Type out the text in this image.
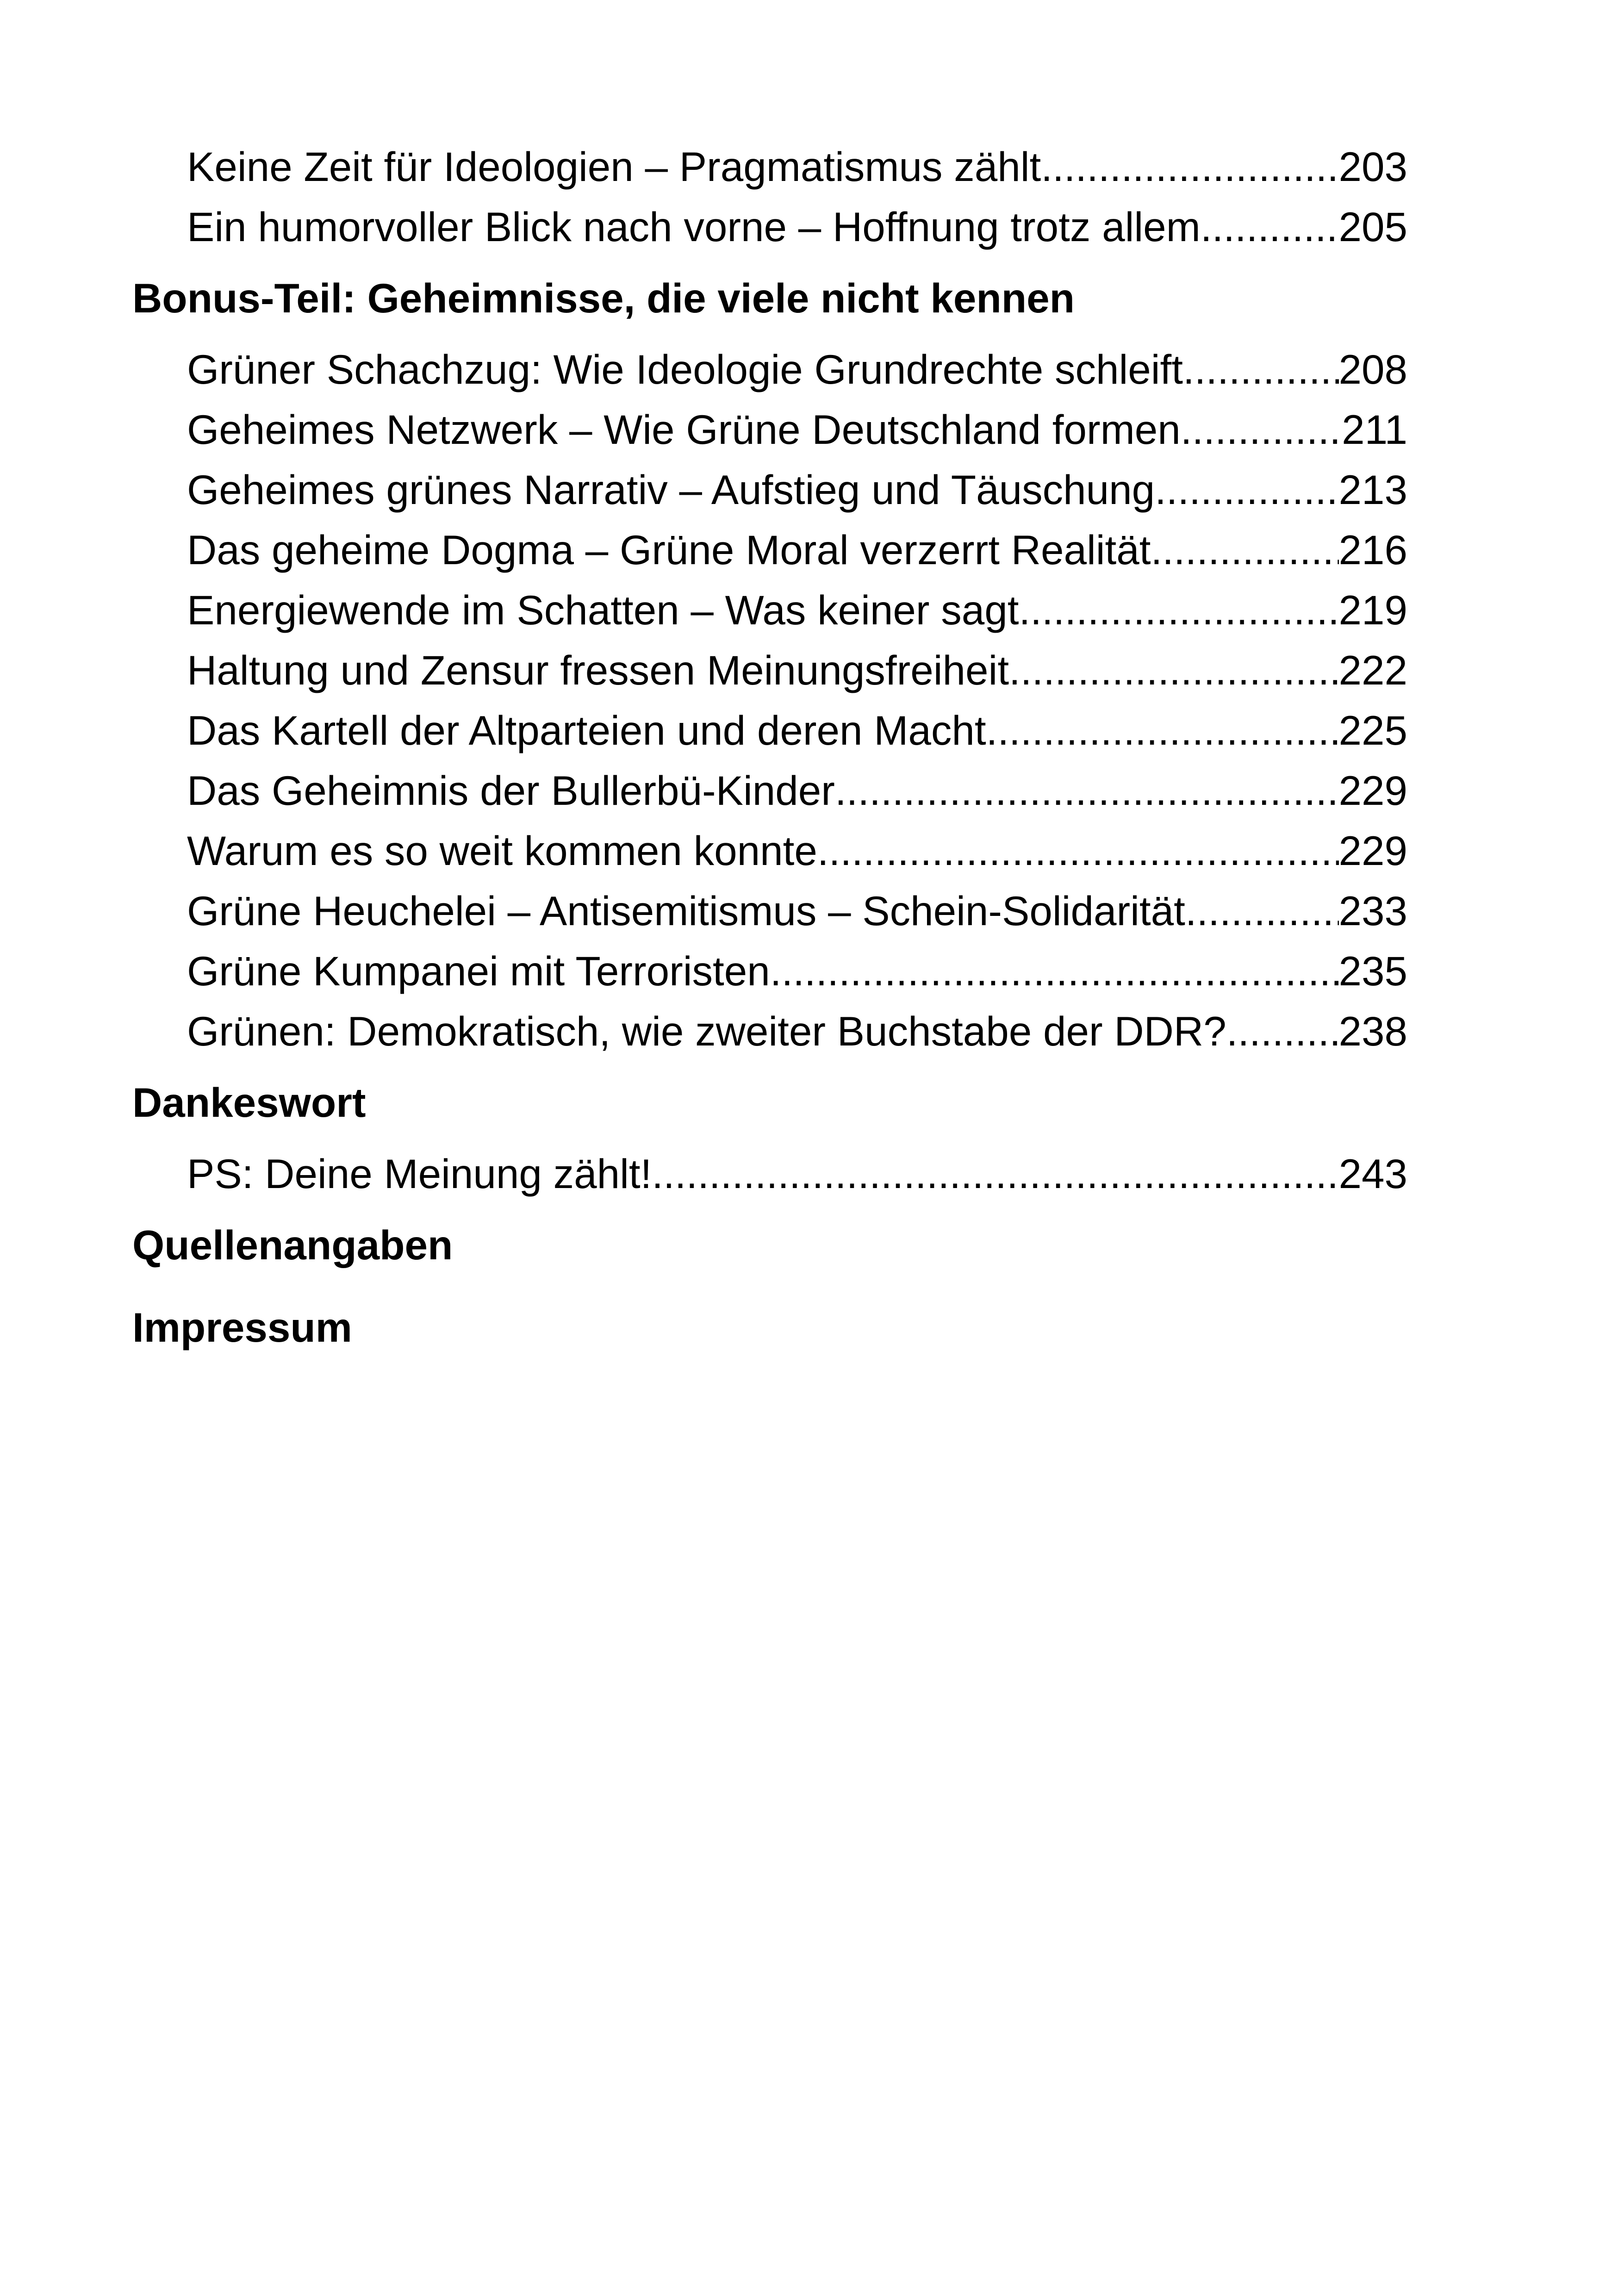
Keine Zeit für Ideologien – Pragmatismus zählt .....	203
Ein humorvoller Blick nach vorne – Hoffnung trotz allem .....	205
Bonus-Teil: Geheimnisse, die viele nicht kennen
Grüner Schachzug: Wie Ideologie Grundrechte schleift .....	208
Geheimes Netzwerk – Wie Grüne Deutschland formen .....	211
Geheimes grünes Narrativ – Aufstieg und Täuschung .....	213
Das geheime Dogma – Grüne Moral verzerrt Realität .....	216
Energiewende im Schatten – Was keiner sagt .....	219
Haltung und Zensur fressen Meinungsfreiheit .....	222
Das Kartell der Altparteien und deren Macht .....	225
Das Geheimnis der Bullerbü-Kinder .....	229
Warum es so weit kommen konnte .....	229
Grüne Heuchelei – Antisemitismus – Schein-Solidarität .....	233
Grüne Kumpanei mit Terroristen .....	235
Grünen: Demokratisch, wie zweiter Buchstabe der DDR? .....	238
Dankeswort
PS: Deine Meinung zählt! .....	243
Quellenangaben
Impressum
